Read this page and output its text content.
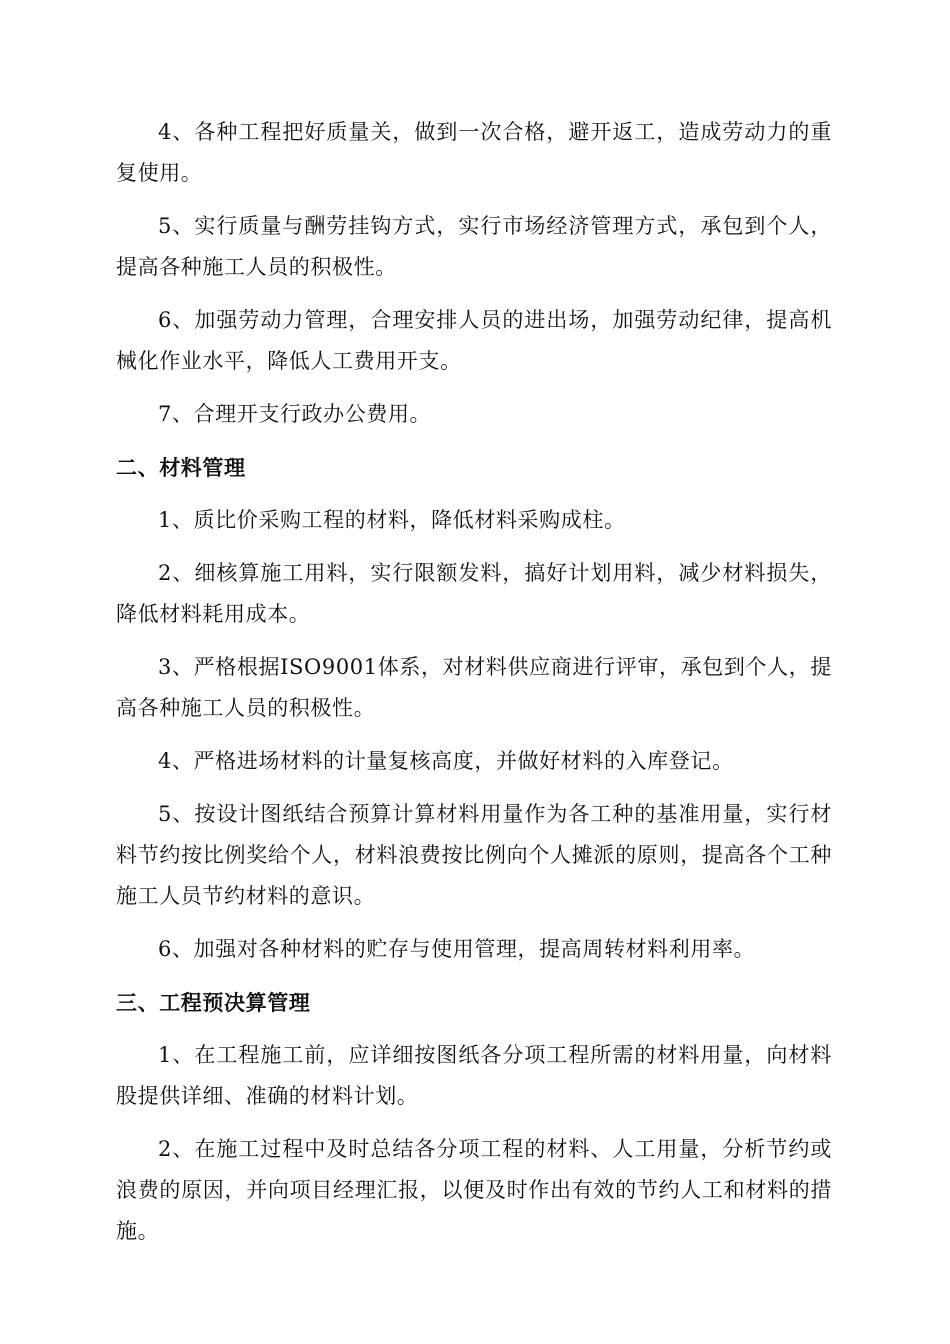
4、各种工程把好质量关，做到一次合格，避开返工，造成劳动力的重复使用。

5、实行质量与酬劳挂钩方式，实行市场经济管理方式，承包到个人，提高各种施工人员的积极性。

6、加强劳动力管理，合理安排人员的进出场，加强劳动纪律，提高机械化作业水平，降低人工费用开支。

7、合理开支行政办公费用。

二、材料管理

1、质比价采购工程的材料，降低材料采购成柱。

2、细核算施工用料，实行限额发料，搞好计划用料，减少材料损失，降低材料耗用成本。

3、严格根据ISO9001体系，对材料供应商进行评审，承包到个人，提高各种施工人员的积极性。

4、严格进场材料的计量复核高度，并做好材料的入库登记。

5、按设计图纸结合预算计算材料用量作为各工种的基准用量，实行材料节约按比例奖给个人，材料浪费按比例向个人摊派的原则，提高各个工种施工人员节约材料的意识。

6、加强对各种材料的贮存与使用管理，提高周转材料利用率。

三、工程预决算管理

1、在工程施工前，应详细按图纸各分项工程所需的材料用量，向材料股提供详细、准确的材料计划。

2、在施工过程中及时总结各分项工程的材料、人工用量，分析节约或浪费的原因，并向项目经理汇报，以便及时作出有效的节约人工和材料的措施。
